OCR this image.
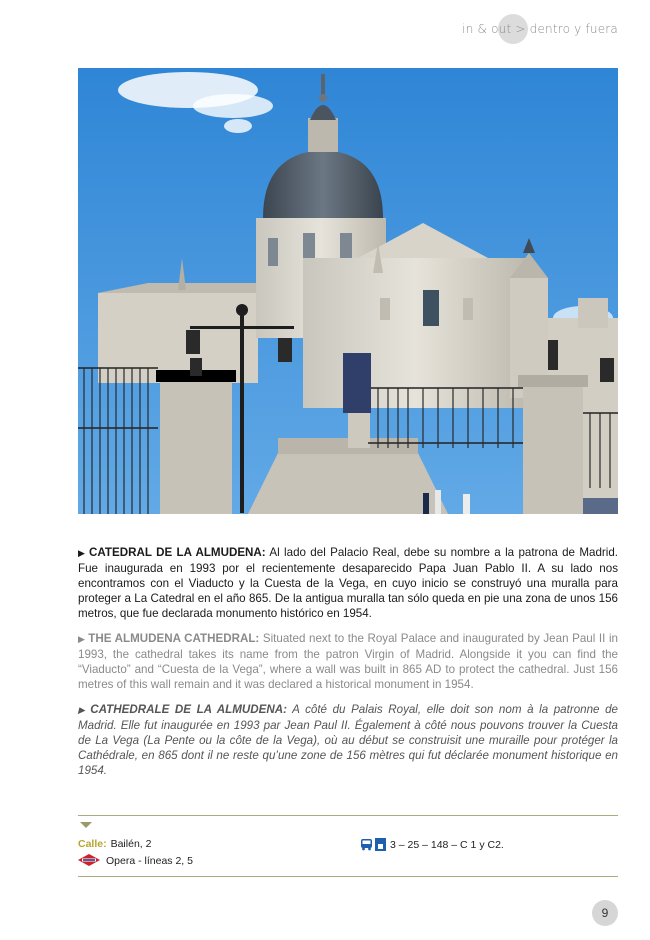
in & out > dentro y fuera

▶ CATEDRAL DE LA ALMUDENA: Al lado del Palacio Real, debe su nombre a la patrona de Madrid. Fue inaugurada en 1993 por el recientemente desaparecido Papa Juan Pablo II. A su lado nos encontramos con el Viaducto y la Cuesta de la Vega, en cuyo inicio se construyó una muralla para proteger a La Catedral en el año 865. De la antigua muralla tan sólo queda en pie una zona de unos 156 metros, que fue declarada monumento histórico en 1954.

▶ THE ALMUDENA CATHEDRAL: Situated next to the Royal Palace and inaugurated by Jean Paul II in 1993, the cathedral takes its name from the patron Virgin of Madrid. Alongside it you can find the “Viaducto” and “Cuesta de la Vega”, where a wall was built in 865 AD to protect the cathedral. Just 156 metres of this wall remain and it was declared a historical monument in 1954.

▶ CATHEDRALE DE LA ALMUDENA: A côté du Palais Royal, elle doit son nom à la patronne de Madrid. Elle fut inaugurée en 1993 par Jean Paul II. Également à côté nous pouvons trouver la Cuesta de La Vega (La Pente ou la côte de la Vega), où au début se construisit une muraille pour protéger la Cathédrale, en 865 dont il ne reste qu’une zone de 156 mètres qui fut déclarée monument historique en 1954.

Calle: Bailén, 2
Opera - líneas 2, 5
3 – 25 – 148 – C 1 y C2.
9
